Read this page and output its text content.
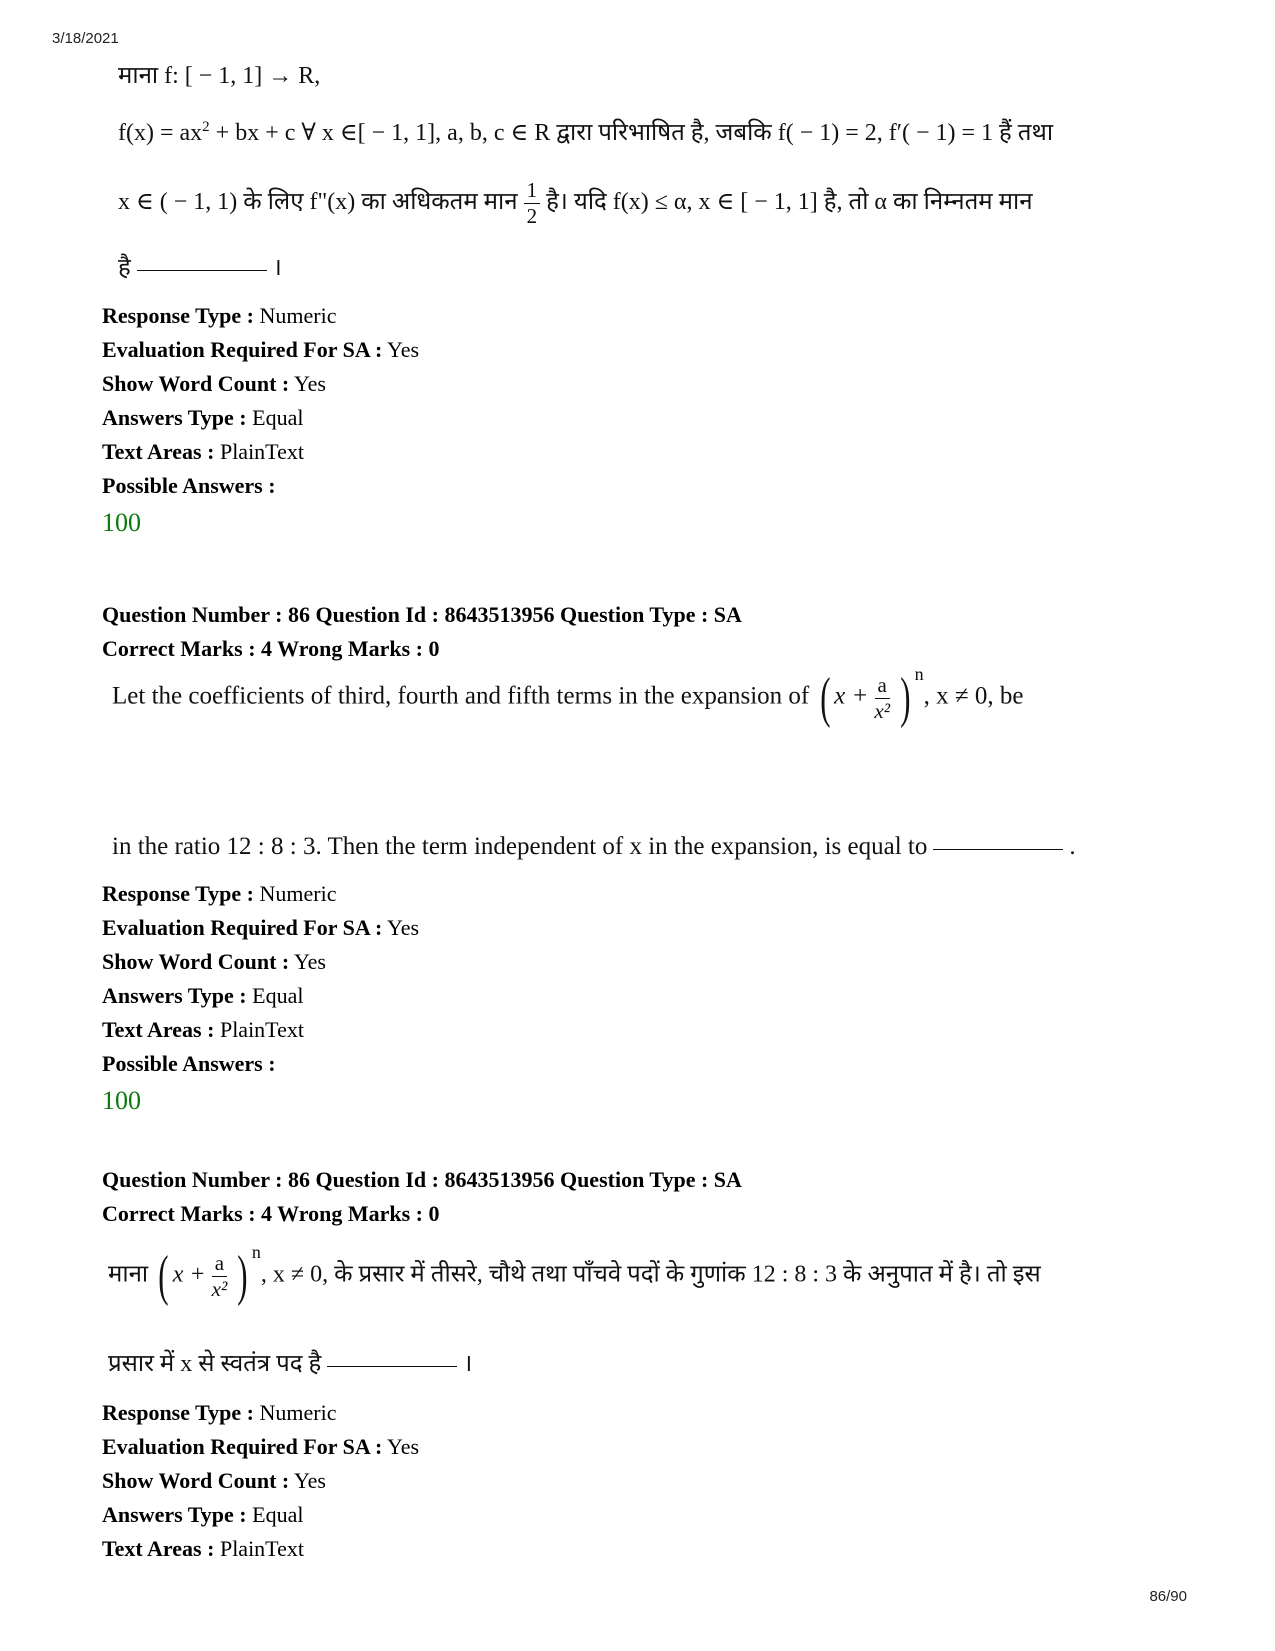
3/18/2021
माना f: [ − 1, 1] → R,
$f(x) = ax^2$ + bx + c ∀ x ∈[ − 1, 1], a, b, c ∈ R द्वारा परिभाषित है, जबकि f( − 1) = 2, f′( − 1) = 1 हैं तथा
x ∈ ( − 1, 1) के लिए f"(x) का अधिकतम मान $\frac{1}{2}$ है। यदि f(x) ≤ α, x ∈ [ − 1, 1] है, तो α का निम्नतम मान
है	।
Response Type : Numeric
Evaluation Required For SA : Yes
Show Word Count : Yes
Answers Type : Equal
Text Areas : PlainText
Possible Answers :
100
Question Number : 86 Question Id : 8643513956 Question Type : SA
Correct Marks : 4 Wrong Marks : 0
Let the coefficients of third, fourth and fifth terms in the expansion of ( $x + \frac{a}{\text{x²}}$ ) $^n$, x ≠ 0, be
in the ratio 12 : 8 : 3. Then the term independent of x in the expansion, is equal to	.
Response Type : Numeric
Evaluation Required For SA : Yes
Show Word Count : Yes
Answers Type : Equal
Text Areas : PlainText
Possible Answers :
100
Question Number : 86 Question Id : 8643513956 Question Type : SA
Correct Marks : 4 Wrong Marks : 0
माना ( $x + \frac{a}{\text{x²}}$ ) $^n$, x ≠ 0, के प्रसार में तीसरे, चौथे तथा पाँचवे पदों के गुणांक 12 : 8 : 3 के अनुपात में है। तो इस
प्रसार में x से स्वतंत्र पद है	।
Response Type : Numeric
Evaluation Required For SA : Yes
Show Word Count : Yes
Answers Type : Equal
Text Areas : PlainText
86/90
